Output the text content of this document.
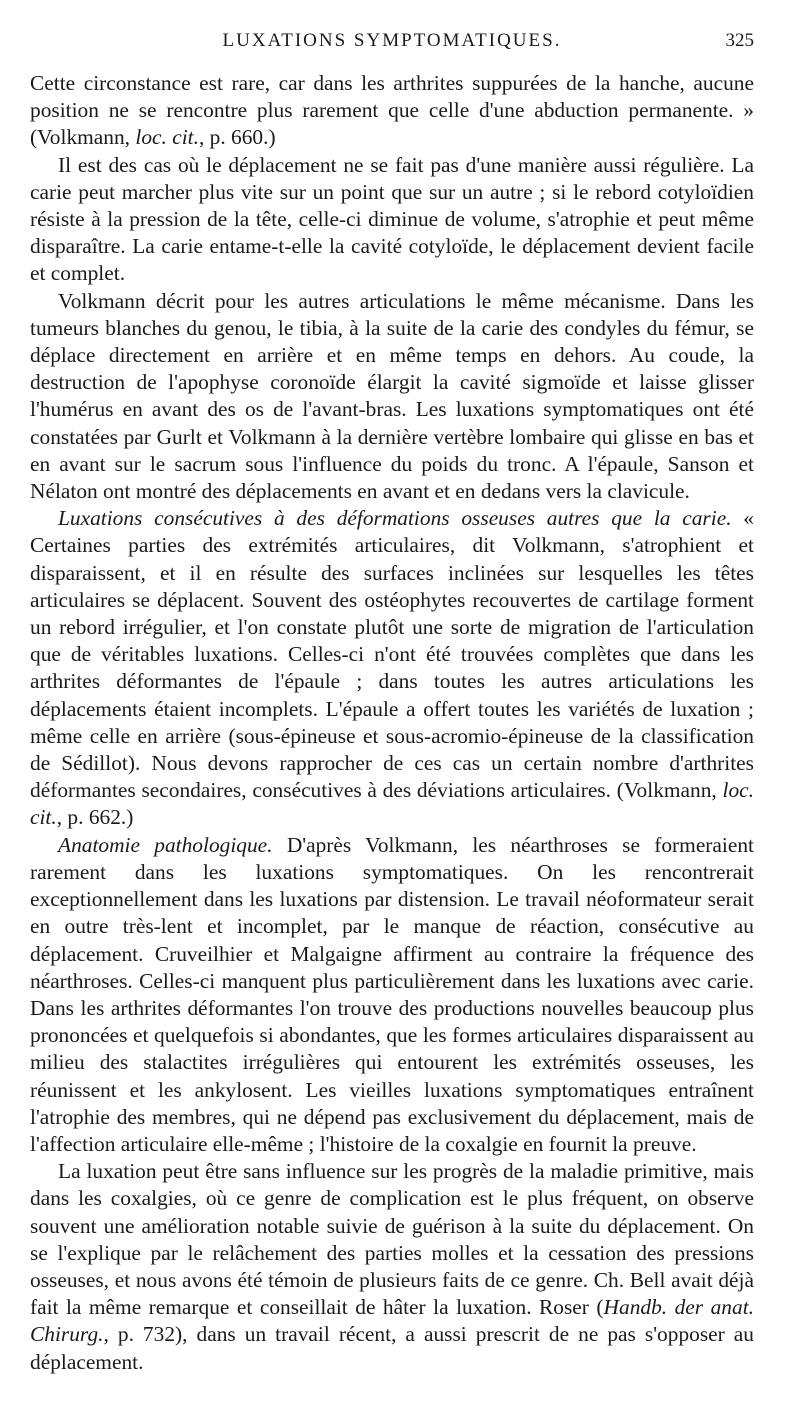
LUXATIONS SYMPTOMATIQUES.	325

Cette circonstance est rare, car dans les arthrites suppurées de la hanche, aucune position ne se rencontre plus rarement que celle d'une abduction permanente. » (Volkmann, loc. cit., p. 660.)

Il est des cas où le déplacement ne se fait pas d'une manière aussi régulière. La carie peut marcher plus vite sur un point que sur un autre ; si le rebord cotyloïdien résiste à la pression de la tête, celle-ci diminue de volume, s'atrophie et peut même disparaître. La carie entame-t-elle la cavité cotyloïde, le déplacement devient facile et complet.

Volkmann décrit pour les autres articulations le même mécanisme. Dans les tumeurs blanches du genou, le tibia, à la suite de la carie des condyles du fémur, se déplace directement en arrière et en même temps en dehors. Au coude, la destruction de l'apophyse coronoïde élargit la cavité sigmoïde et laisse glisser l'humérus en avant des os de l'avant-bras. Les luxations symptomatiques ont été constatées par Gurlt et Volkmann à la dernière vertèbre lombaire qui glisse en bas et en avant sur le sacrum sous l'influence du poids du tronc. A l'épaule, Sanson et Nélaton ont montré des déplacements en avant et en dedans vers la clavicule.

Luxations consécutives à des déformations osseuses autres que la carie. « Certaines parties des extrémités articulaires, dit Volkmann, s'atrophient et disparaissent, et il en résulte des surfaces inclinées sur lesquelles les têtes articulaires se déplacent. Souvent des ostéophytes recouvertes de cartilage forment un rebord irrégulier, et l'on constate plutôt une sorte de migration de l'articulation que de véritables luxations. Celles-ci n'ont été trouvées complètes que dans les arthrites déformantes de l'épaule ; dans toutes les autres articulations les déplacements étaient incomplets. L'épaule a offert toutes les variétés de luxation ; même celle en arrière (sous-épineuse et sous-acromio-épineuse de la classification de Sédillot). Nous devons rapprocher de ces cas un certain nombre d'arthrites déformantes secondaires, consécutives à des déviations articulaires. (Volkmann, loc. cit., p. 662.)

Anatomie pathologique. D'après Volkmann, les néarthroses se formeraient rarement dans les luxations symptomatiques. On les rencontrerait exceptionnellement dans les luxations par distension. Le travail néoformateur serait en outre très-lent et incomplet, par le manque de réaction, consécutive au déplacement. Cruveilhier et Malgaigne affirment au contraire la fréquence des néarthroses. Celles-ci manquent plus particulièrement dans les luxations avec carie. Dans les arthrites déformantes l'on trouve des productions nouvelles beaucoup plus prononcées et quelquefois si abondantes, que les formes articulaires disparaissent au milieu des stalactites irrégulières qui entourent les extrémités osseuses, les réunissent et les ankylosent. Les vieilles luxations symptomatiques entraînent l'atrophie des membres, qui ne dépend pas exclusivement du déplacement, mais de l'affection articulaire elle-même ; l'histoire de la coxalgie en fournit la preuve.

La luxation peut être sans influence sur les progrès de la maladie primitive, mais dans les coxalgies, où ce genre de complication est le plus fréquent, on observe souvent une amélioration notable suivie de guérison à la suite du déplacement. On se l'explique par le relâchement des parties molles et la cessation des pressions osseuses, et nous avons été témoin de plusieurs faits de ce genre. Ch. Bell avait déjà fait la même remarque et conseillait de hâter la luxation. Roser (Handb. der anat. Chirurg., p. 732), dans un travail récent, a aussi prescrit de ne pas s'opposer au déplacement.
